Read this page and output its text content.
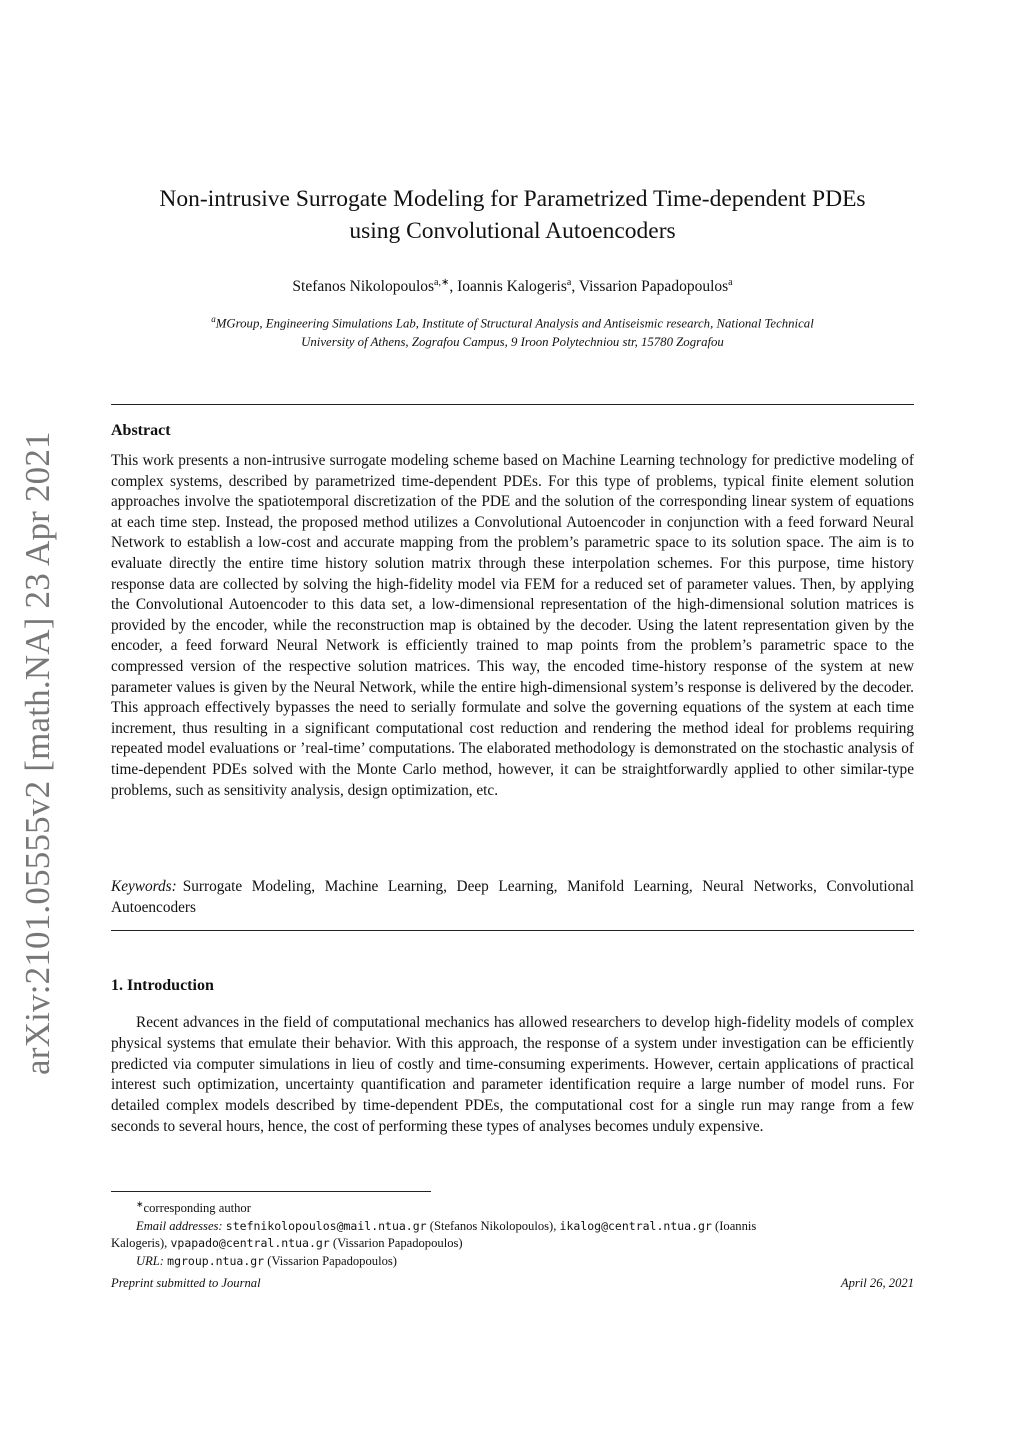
arXiv:2101.05555v2 [math.NA] 23 Apr 2021
Non-intrusive Surrogate Modeling for Parametrized Time-dependent PDEs
using Convolutional Autoencoders
Stefanos Nikolopoulos$^{a,∗}$, Ioannis Kalogeris$^a$, Vissarion Papadopoulos$^a$
$^a$MGroup, Engineering Simulations Lab, Institute of Structural Analysis and Antiseismic research, National Technical
University of Athens, Zografou Campus, 9 Iroon Polytechniou str, 15780 Zografou
Abstract
This work presents a non-intrusive surrogate modeling scheme based on Machine Learning technology for predictive modeling of complex systems, described by parametrized time-dependent PDEs. For this type of problems, typical finite element solution approaches involve the spatiotemporal discretization of the PDE and the solution of the corresponding linear system of equations at each time step. Instead, the proposed method utilizes a Convolutional Autoencoder in conjunction with a feed forward Neural Network to establish a low-cost and accurate mapping from the problem’s parametric space to its solution space. The aim is to evaluate directly the entire time history solution matrix through these interpolation schemes. For this purpose, time history response data are collected by solving the high-fidelity model via FEM for a reduced set of parameter values. Then, by applying the Convolutional Autoencoder to this data set, a low-dimensional representation of the high-dimensional solution matrices is provided by the encoder, while the reconstruction map is obtained by the decoder. Using the latent representation given by the encoder, a feed forward Neural Network is efficiently trained to map points from the problem’s parametric space to the compressed version of the respective solution matrices. This way, the encoded time-history response of the system at new parameter values is given by the Neural Network, while the entire high-dimensional system’s response is delivered by the decoder. This approach effectively bypasses the need to serially formulate and solve the governing equations of the system at each time increment, thus resulting in a significant computational cost reduction and rendering the method ideal for problems requiring repeated model evaluations or ’real-time’ computations. The elaborated methodology is demonstrated on the stochastic analysis of time-dependent PDEs solved with the Monte Carlo method, however, it can be straightforwardly applied to other similar-type problems, such as sensitivity analysis, design optimization, etc.
Keywords: Surrogate Modeling, Machine Learning, Deep Learning, Manifold Learning, Neural Networks, Convolutional Autoencoders
1. Introduction
Recent advances in the field of computational mechanics has allowed researchers to develop high-fidelity models of complex physical systems that emulate their behavior. With this approach, the response of a system under investigation can be efficiently predicted via computer simulations in lieu of costly and time-consuming experiments. However, certain applications of practical interest such optimization, uncertainty quantification and parameter identification require a large number of model runs. For detailed complex models described by time-dependent PDEs, the computational cost for a single run may range from a few seconds to several hours, hence, the cost of performing these types of analyses becomes unduly expensive.
∗corresponding author
Email addresses: stefnikolopoulos@mail.ntua.gr (Stefanos Nikolopoulos), ikalog@central.ntua.gr (Ioannis
Kalogeris), vpapado@central.ntua.gr (Vissarion Papadopoulos)
URL: mgroup.ntua.gr (Vissarion Papadopoulos)
Preprint submitted to Journal	April 26, 2021
